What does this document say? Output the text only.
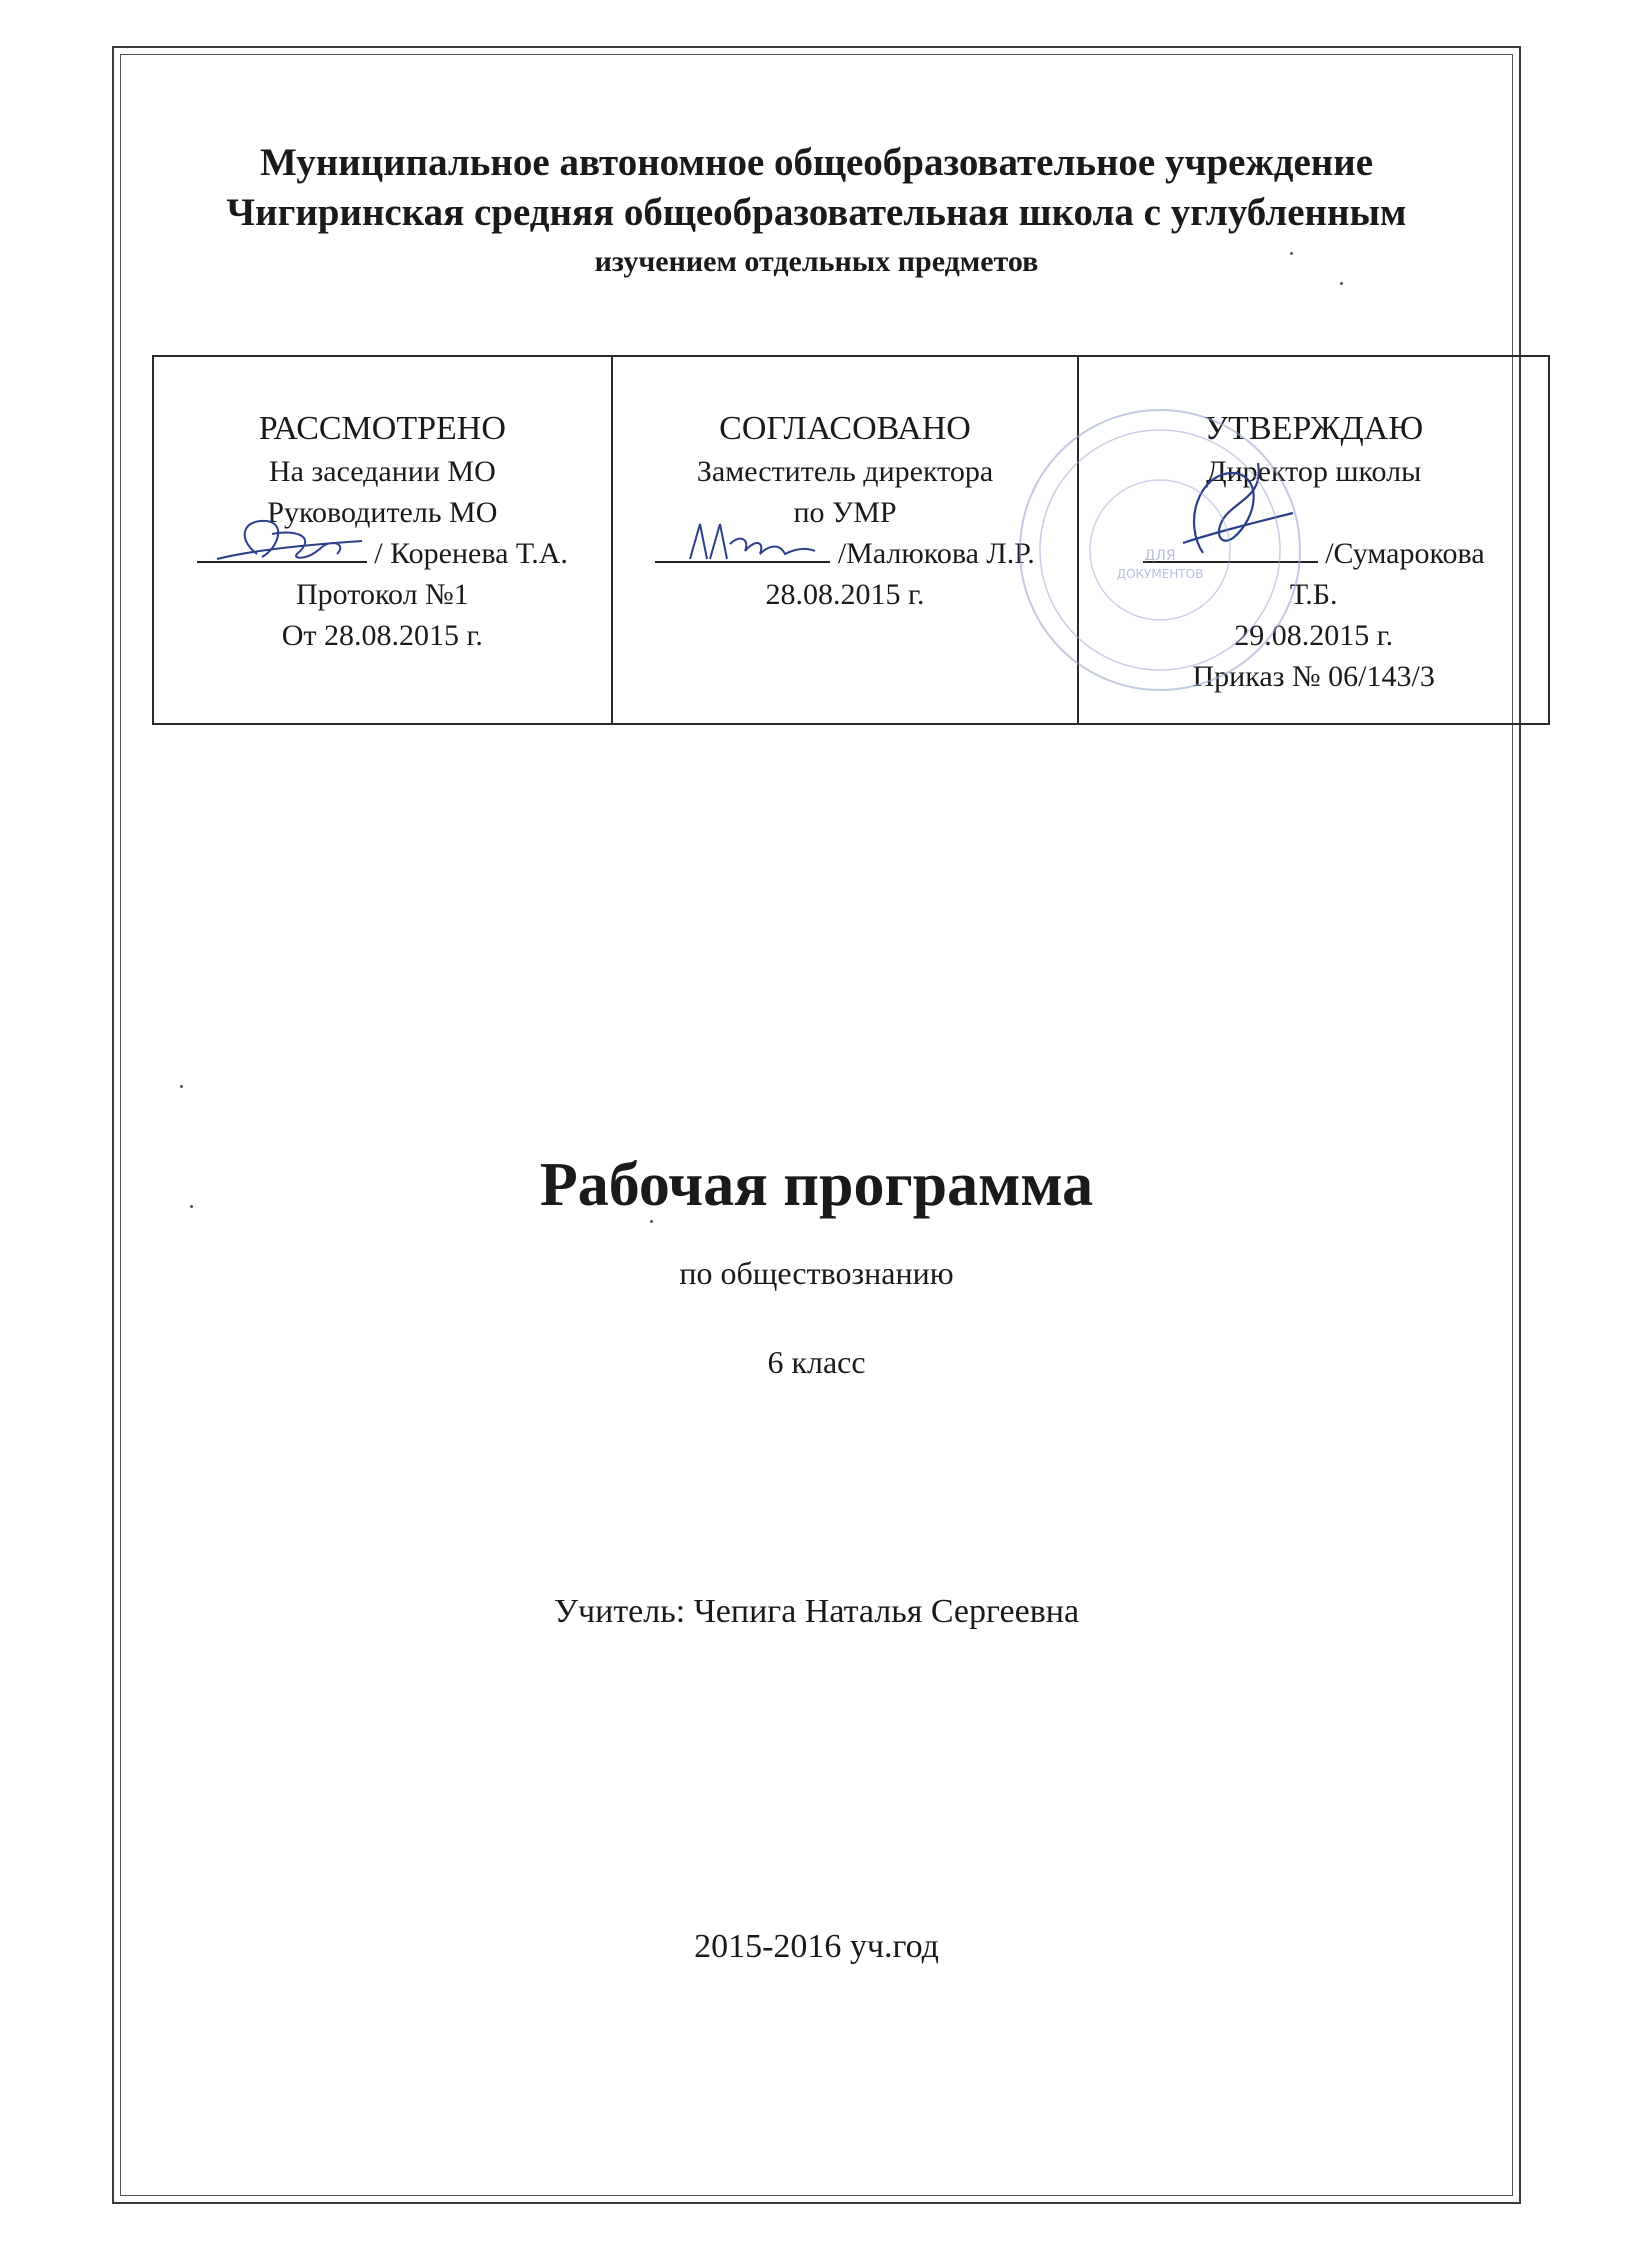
Муниципальное автономное общеобразовательное учреждение
Чигиринская средняя общеобразовательная школа с углубленным
изучением отдельных предметов
РАССМОТРЕНО
На заседании МО
Руководитель МО
/ Коренева Т.А.
Протокол №1
От 28.08.2015 г.
СОГЛАСОВАНО
Заместитель директора
по УМР
/Малюкова Л.Р.
28.08.2015 г.
УТВЕРЖДАЮ
Директор школы
/Сумарокова
Т.Б.
29.08.2015 г.
Приказ № 06/143/3
ДЛЯ
ДОКУМЕНТОВ
Рабочая программа
по обществознанию
6 класс
Учитель: Чепига Наталья Сергеевна
2015-2016 уч.год
